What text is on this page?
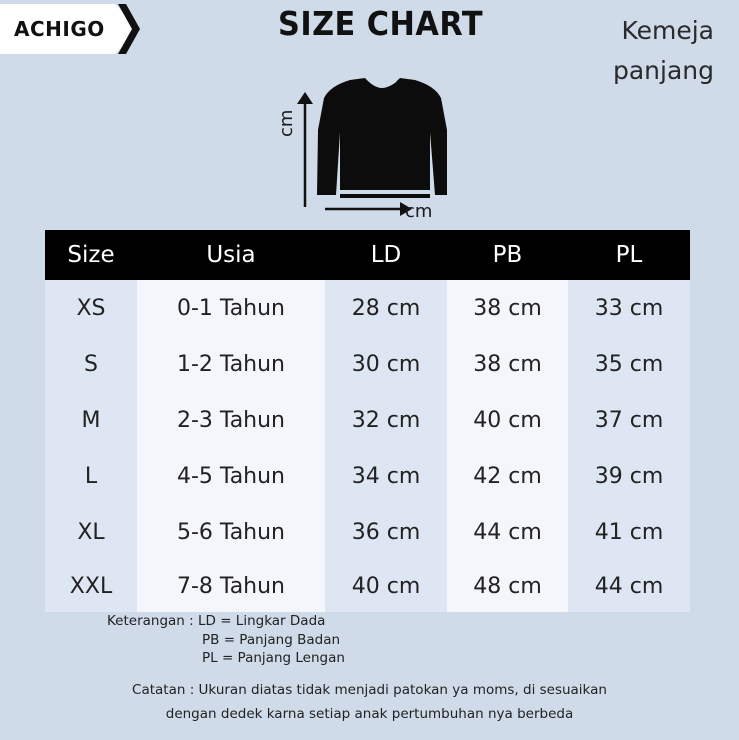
ACHIGO	SIZE CHART	Kemeja
panjang
cm
cm
Size	Usia	LD	PB	PL
XS	0-1 Tahun	28 cm	38 cm	33 cm
S	1-2 Tahun	30 cm	38 cm	35 cm
M	2-3 Tahun	32 cm	40 cm	37 cm
L	4-5 Tahun	34 cm	42 cm	39 cm
XL	5-6 Tahun	36 cm	44 cm	41 cm
XXL	7-8 Tahun	40 cm	48 cm	44 cm
Keterangan : LD = Lingkar Dada
PB = Panjang Badan
PL = Panjang Lengan
Catatan : Ukuran diatas tidak menjadi patokan ya moms, di sesuaikan
dengan dedek karna setiap anak pertumbuhan nya berbeda
